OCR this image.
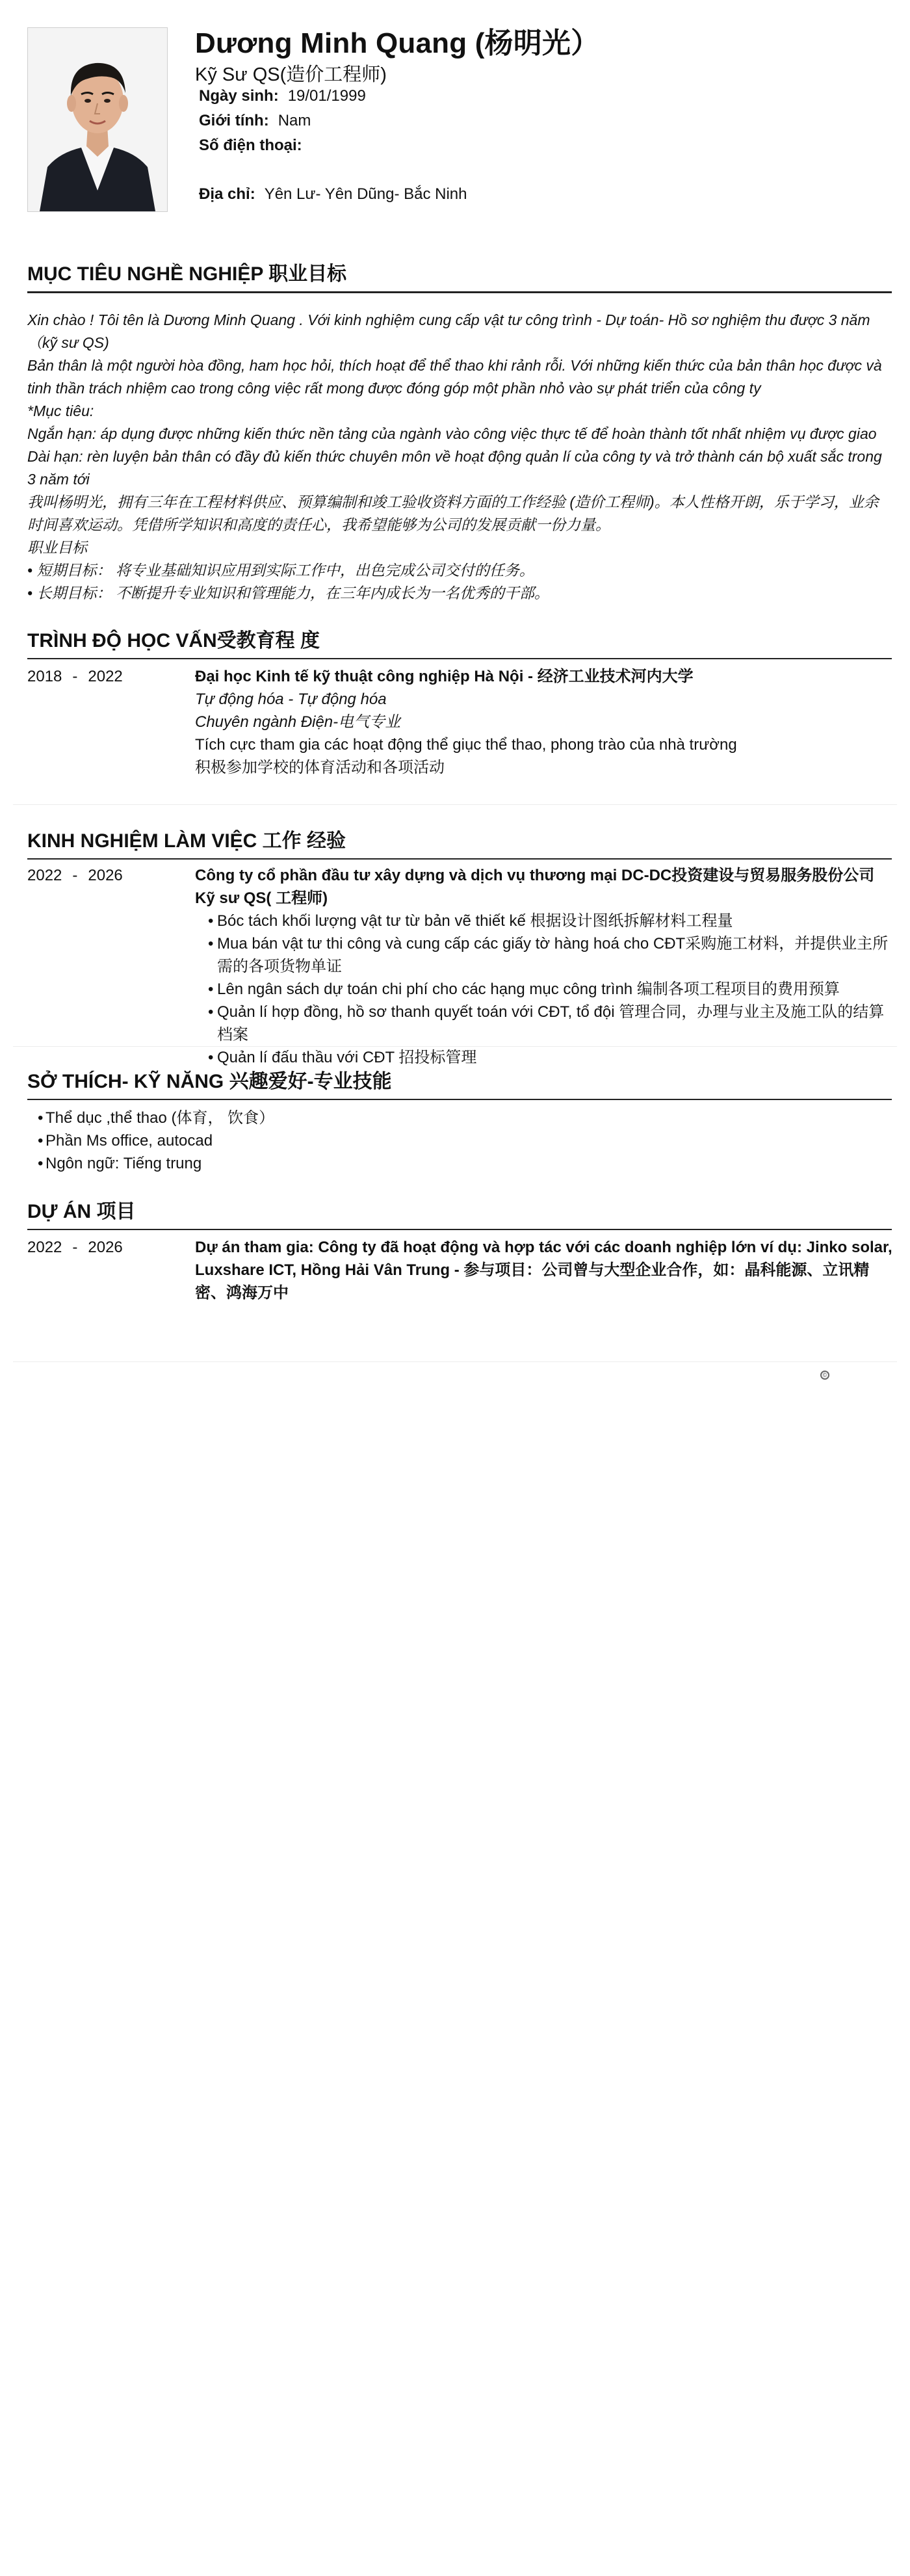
Dương Minh Quang (杨明光）

Kỹ Sư QS(造价工程师)

Ngày sinh: 19/01/1999
Giới tính: Nam
Số điện thoại:
Địa chỉ: Yên Lư- Yên Dũng- Bắc Ninh
MỤC TIÊU NGHỀ NGHIỆP 职业目标

Xin chào ! Tôi tên là Dương Minh Quang . Với kinh nghiệm cung cấp vật tư công trình - Dự toán- Hồ sơ nghiệm thu được 3 năm （kỹ sư QS)

Bản thân là một người hòa đồng, ham học hỏi, thích hoạt để thể thao khi rảnh rỗi. Với những kiến thức của bản thân học được và tinh thần trách nhiệm cao trong công việc rất mong được đóng góp một phần nhỏ vào sự phát triển của công ty

*Mục tiêu:

Ngắn hạn: áp dụng được những kiến thức nền tảng của ngành vào công việc thực tế để hoàn thành tốt nhất nhiệm vụ được giao

Dài hạn: rèn luyện bản thân có đầy đủ kiến thức chuyên môn về hoạt động quản lí của công ty và trở thành cán bộ xuất sắc trong 3 năm tới

我叫杨明光，拥有三年在工程材料供应、预算编制和竣工验收资料方面的工作经验 (造价工程师)。本人性格开朗，乐于学习，业余时间喜欢运动。凭借所学知识和高度的责任心，我希望能够为公司的发展贡献一份力量。

职业目标

• 短期目标： 将专业基础知识应用到实际工作中，出色完成公司交付的任务。

• 长期目标： 不断提升专业知识和管理能力，在三年内成长为一名优秀的干部。

TRÌNH ĐỘ HỌC VẤN受教育程 度
2018 - 2022	Đại học Kinh tế kỹ thuật công nghiệp Hà Nội - 经济工业技术河内大学

Tự động hóa - Tự động hóa

Chuyên ngành Điện-电气专业

Tích cực tham gia các hoạt động thể giục thể thao, phong trào của nhà trường

积极参加学校的体育活动和各项活动

KINH NGHIỆM LÀM VIỆC 工作 经验
2022 - 2026	Công ty cổ phần đầu tư xây dựng và dịch vụ thương mại DC-DC投资建设与贸易服务股份公司

Kỹ sư QS( 工程师)

• Bóc tách khối lượng vật tư từ bản vẽ thiết kế 根据设计图纸拆解材料工程量
• Mua bán vật tư thi công và cung cấp các giấy tờ hàng hoá cho CĐT采购施工材料，并提供业主所需的各项货物单证
• Lên ngân sách dự toán chi phí cho các hạng mục công trình 编制各项工程项目的费用预算
• Quản lí hợp đồng, hồ sơ thanh quyết toán với CĐT, tổ đội 管理合同，办理与业主及施工队的结算档案
• Quản lí đấu thầu với CĐT 招投标管理
SỞ THÍCH- KỸ NĂNG 兴趣爱好-专业技能
• Thể dục ,thể thao (体育， 饮食）
• Phần Ms office, autocad
• Ngôn ngữ: Tiếng trung
DỰ ÁN 项目
2022 - 2026	Dự án tham gia: Công ty đã hoạt động và hợp tác với các doanh nghiệp lớn ví dụ: Jinko solar, Luxshare ICT, Hồng Hải Vân Trung - 参与项目：公司曾与大型企业合作，如：晶科能源、立讯精密、鸿海万中

©
